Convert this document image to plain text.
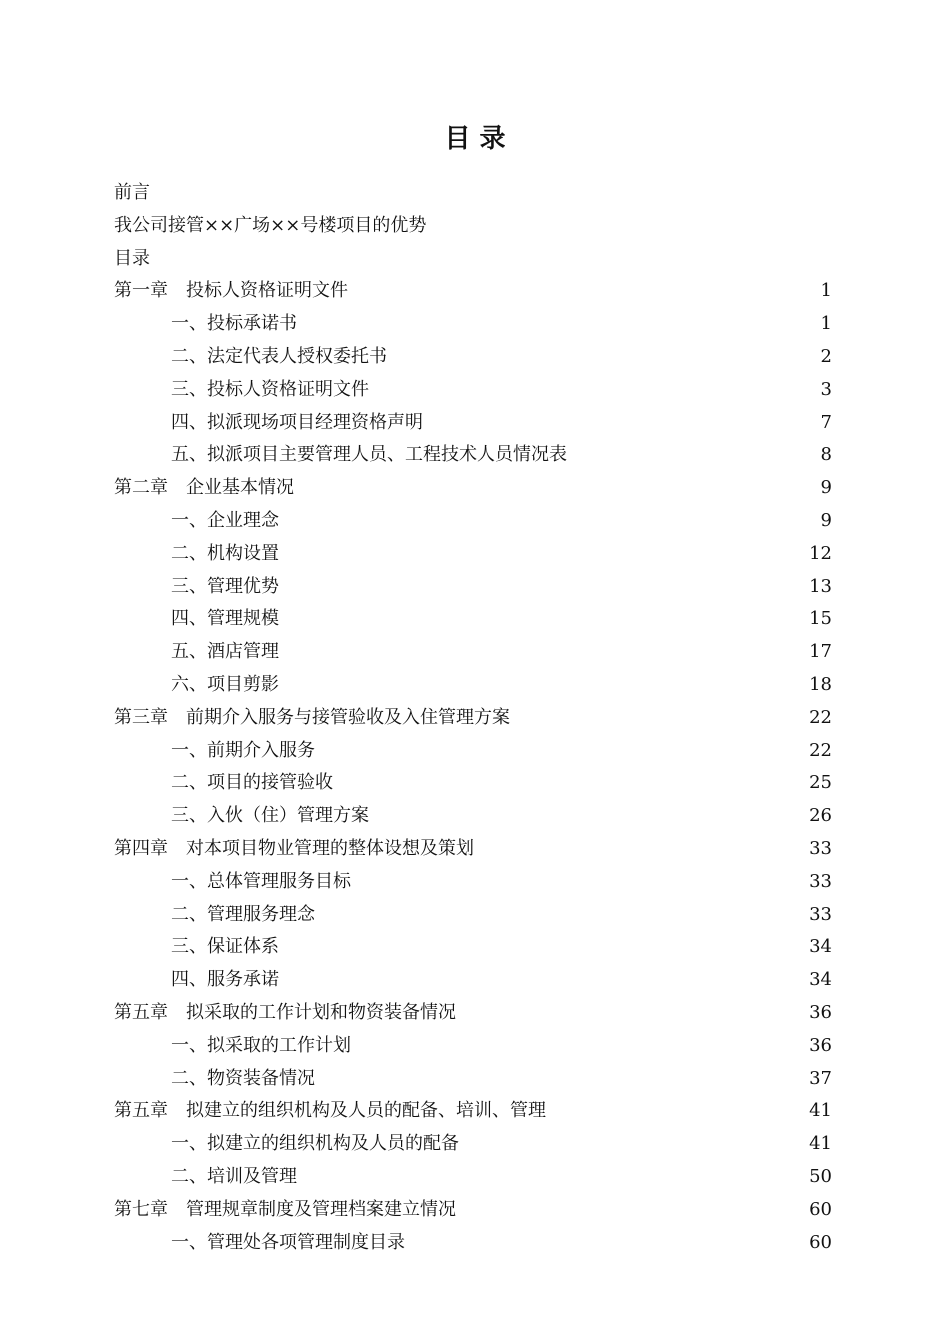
目 录
前言
我公司接管××广场××号楼项目的优势
目录
第一章　投标人资格证明文件	1
一、投标承诺书	1
二、法定代表人授权委托书	2
三、投标人资格证明文件	3
四、拟派现场项目经理资格声明	7
五、拟派项目主要管理人员、工程技术人员情况表	8
第二章　企业基本情况	9
一、企业理念	9
二、机构设置	12
三、管理优势	13
四、管理规模	15
五、酒店管理	17
六、项目剪影	18
第三章　前期介入服务与接管验收及入住管理方案	22
一、前期介入服务	22
二、项目的接管验收	25
三、入伙（住）管理方案	26
第四章　对本项目物业管理的整体设想及策划	33
一、总体管理服务目标	33
二、管理服务理念	33
三、保证体系	34
四、服务承诺	34
第五章　拟采取的工作计划和物资装备情况	36
一、拟采取的工作计划	36
二、物资装备情况	37
第五章　拟建立的组织机构及人员的配备、培训、管理	41
一、拟建立的组织机构及人员的配备	41
二、培训及管理	50
第七章　管理规章制度及管理档案建立情况	60
一、管理处各项管理制度目录	60
